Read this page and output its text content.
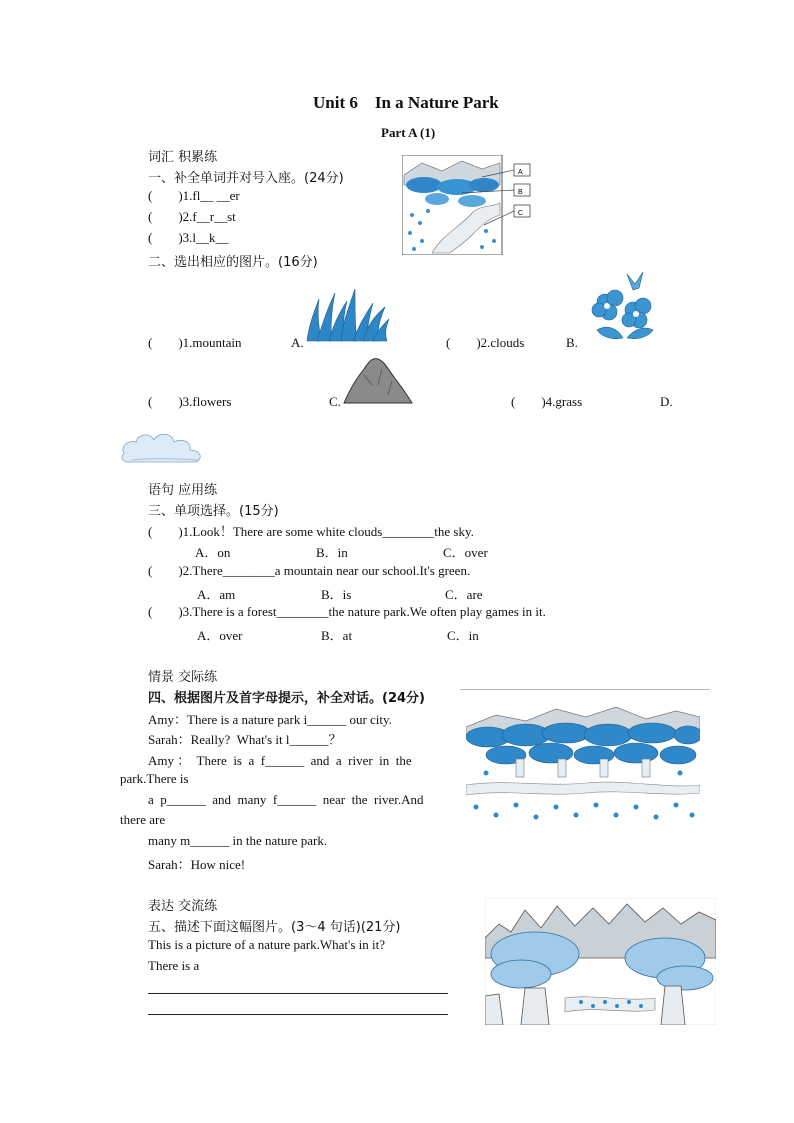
Unit 6    In a Nature Park
Part A (1)
词汇 积累练
一、补全单词并对号入座。(24分)
(        )1.fl__ __er
(        )2.f__r__st
(        )3.l__k__
A
B
C
二、选出相应的图片。(16分)
(        )1.mountain	A.	(        )2.clouds	B.
(        )3.flowers	C.	(        )4.grass	D.
语句 应用练
三、单项选择。(15分)
(        )1.Look！There are some white clouds________the sky.
A．on	B．in	C．over
(        )2.There________a mountain near our school.It's green.
A．am	B．is	C．are
(        )3.There is a forest________the nature park.We often play games in it.
A．over	B．at	C．in
情景 交际练
四、根据图片及首字母提示，补全对话。(24分)
Amy：There is a nature park i______ our city.
Sarah：Really?  What's it l______？
Amy ：  There  is  a  f______  and  a  river  in  the
park.There is
a  p______  and  many  f______  near  the  river.And
there are
many m______ in the nature park.
Sarah：How nice!
表达 交流练
五、描述下面这幅图片。(3～4 句话)(21分)
This is a picture of a nature park.What's in it?
There is a
